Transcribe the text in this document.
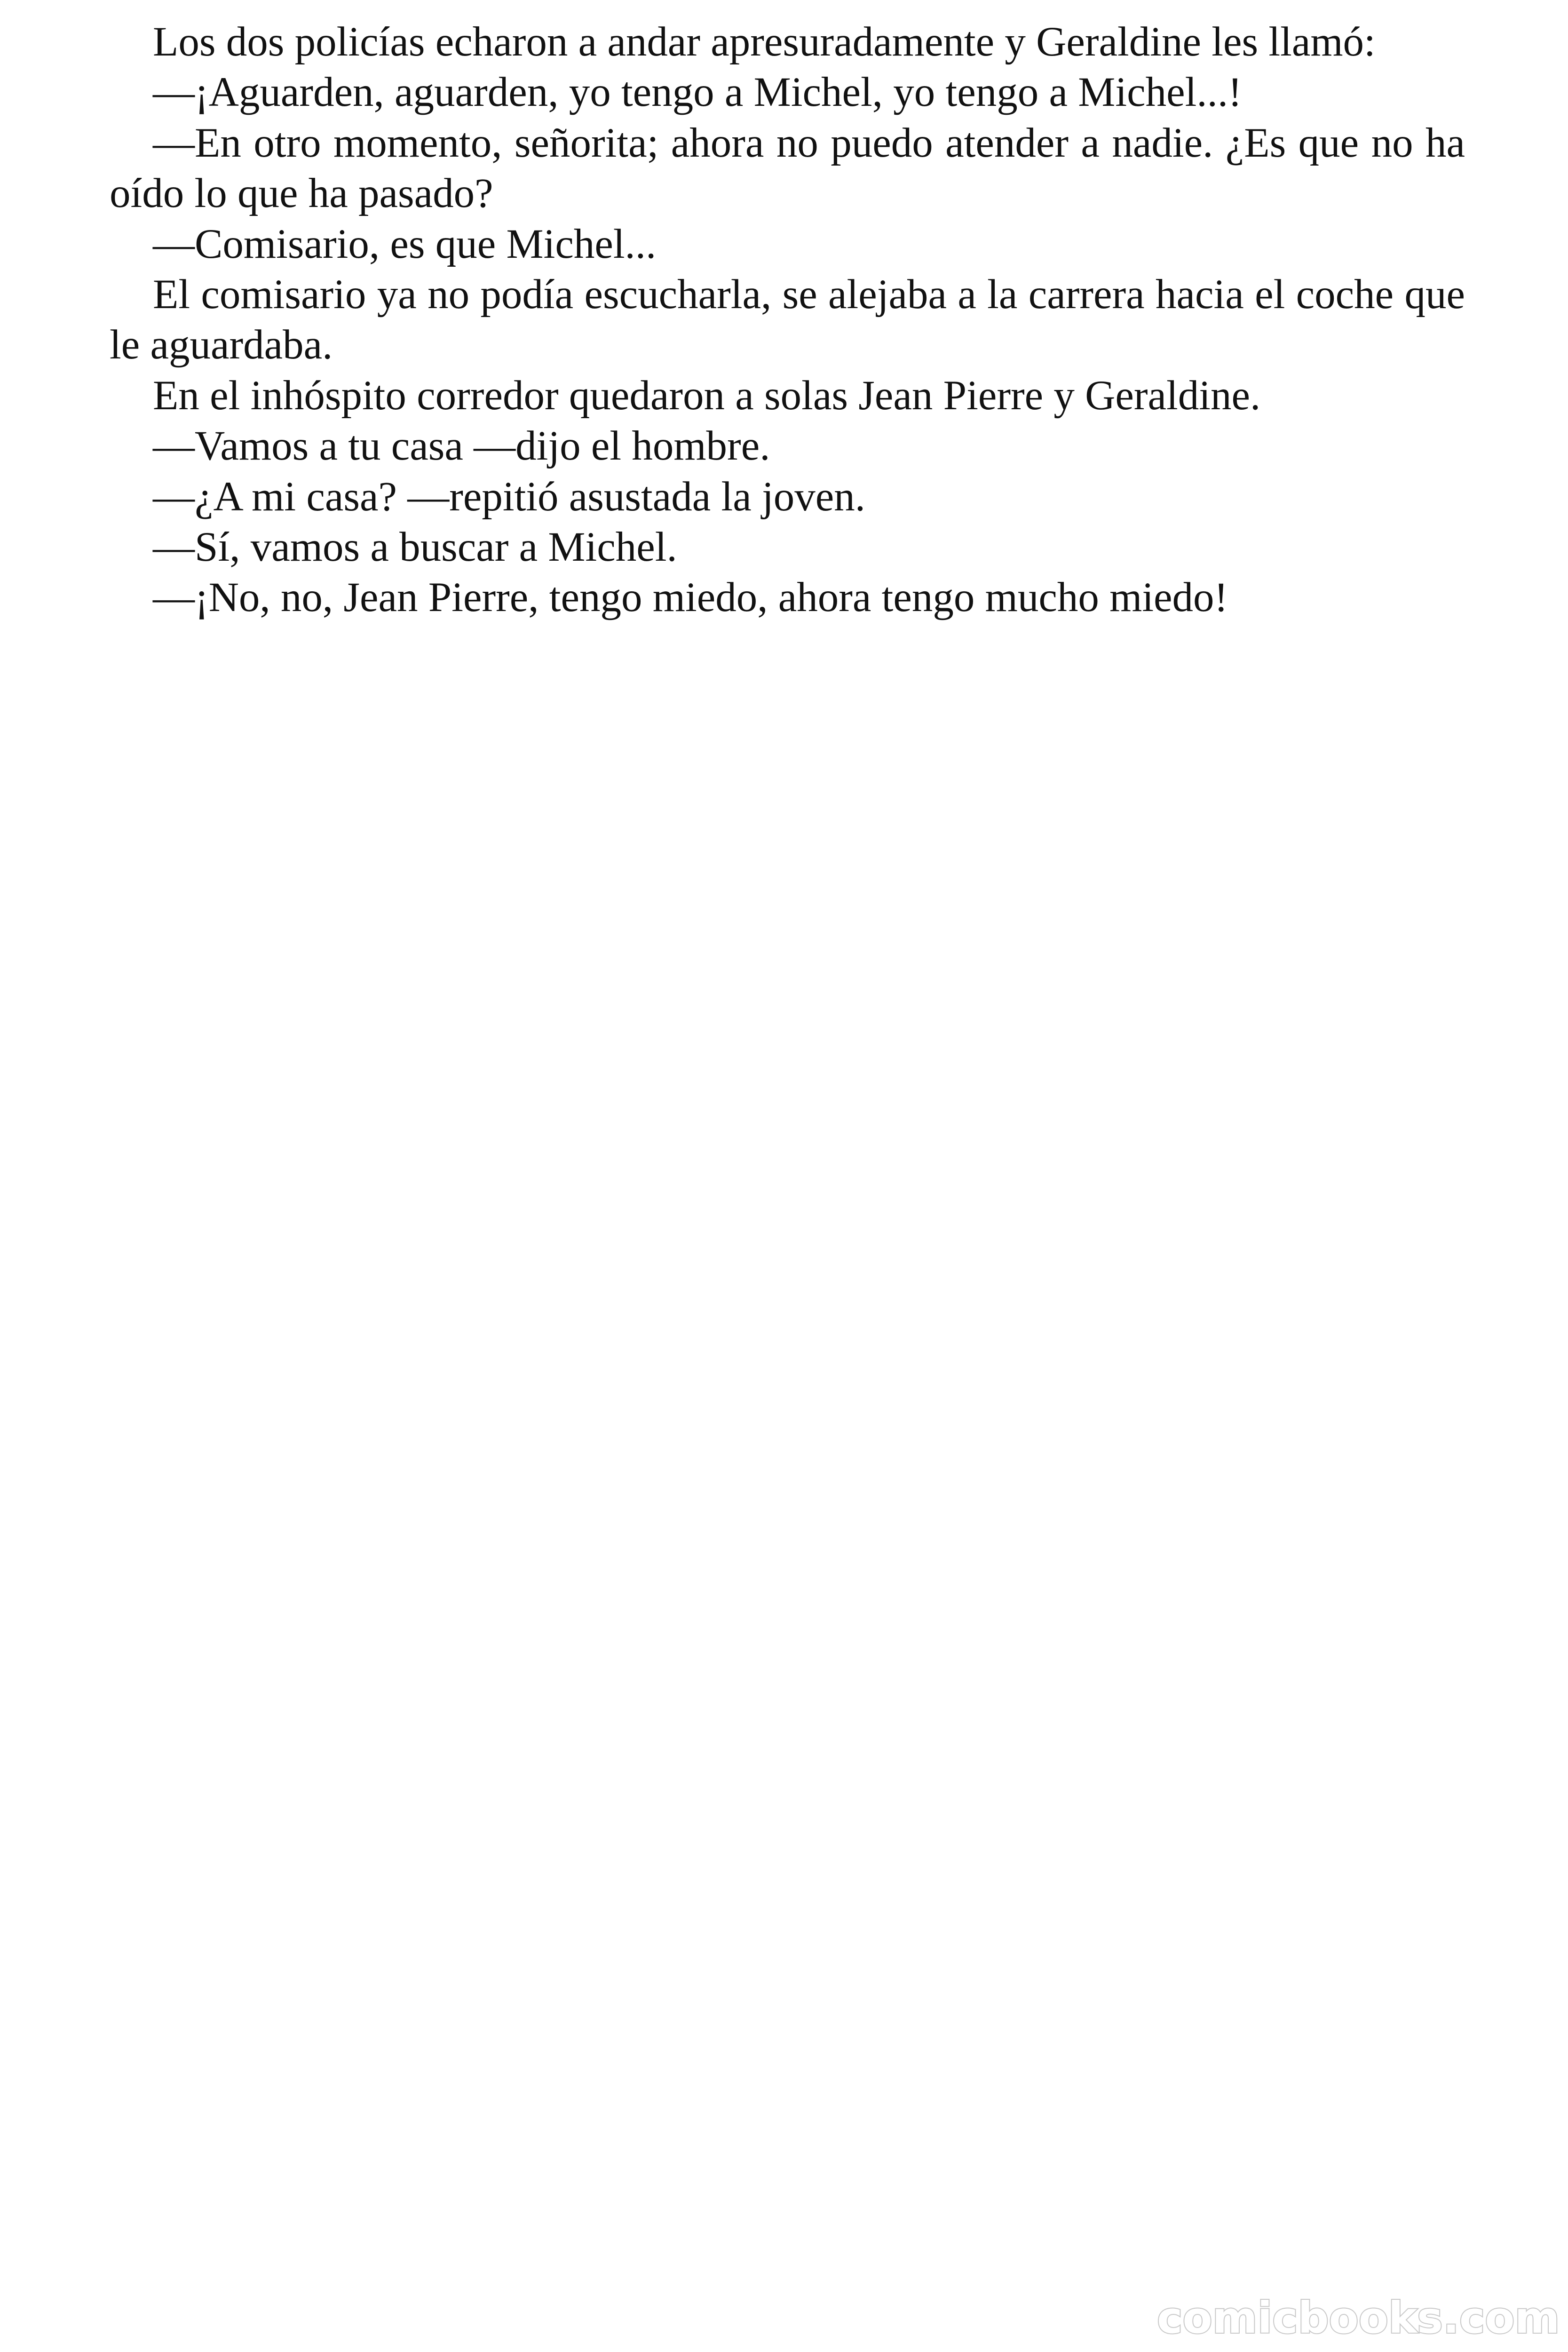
Los dos policías echaron a andar apresuradamente y Geraldine les llamó:

—¡Aguarden, aguarden, yo tengo a Michel, yo tengo a Michel...!

—En otro momento, señorita; ahora no puedo atender a nadie. ¿Es que no ha oído lo que ha pasado?

—Comisario, es que Michel...

El comisario ya no podía escucharla, se alejaba a la carrera hacia el coche que le aguardaba.

En el inhóspito corredor quedaron a solas Jean Pierre y Geraldine.

—Vamos a tu casa —dijo el hombre.

—¿A mi casa? —repitió asustada la joven.

—Sí, vamos a buscar a Michel.

—¡No, no, Jean Pierre, tengo miedo, ahora tengo mucho miedo!

comicbooks.com
